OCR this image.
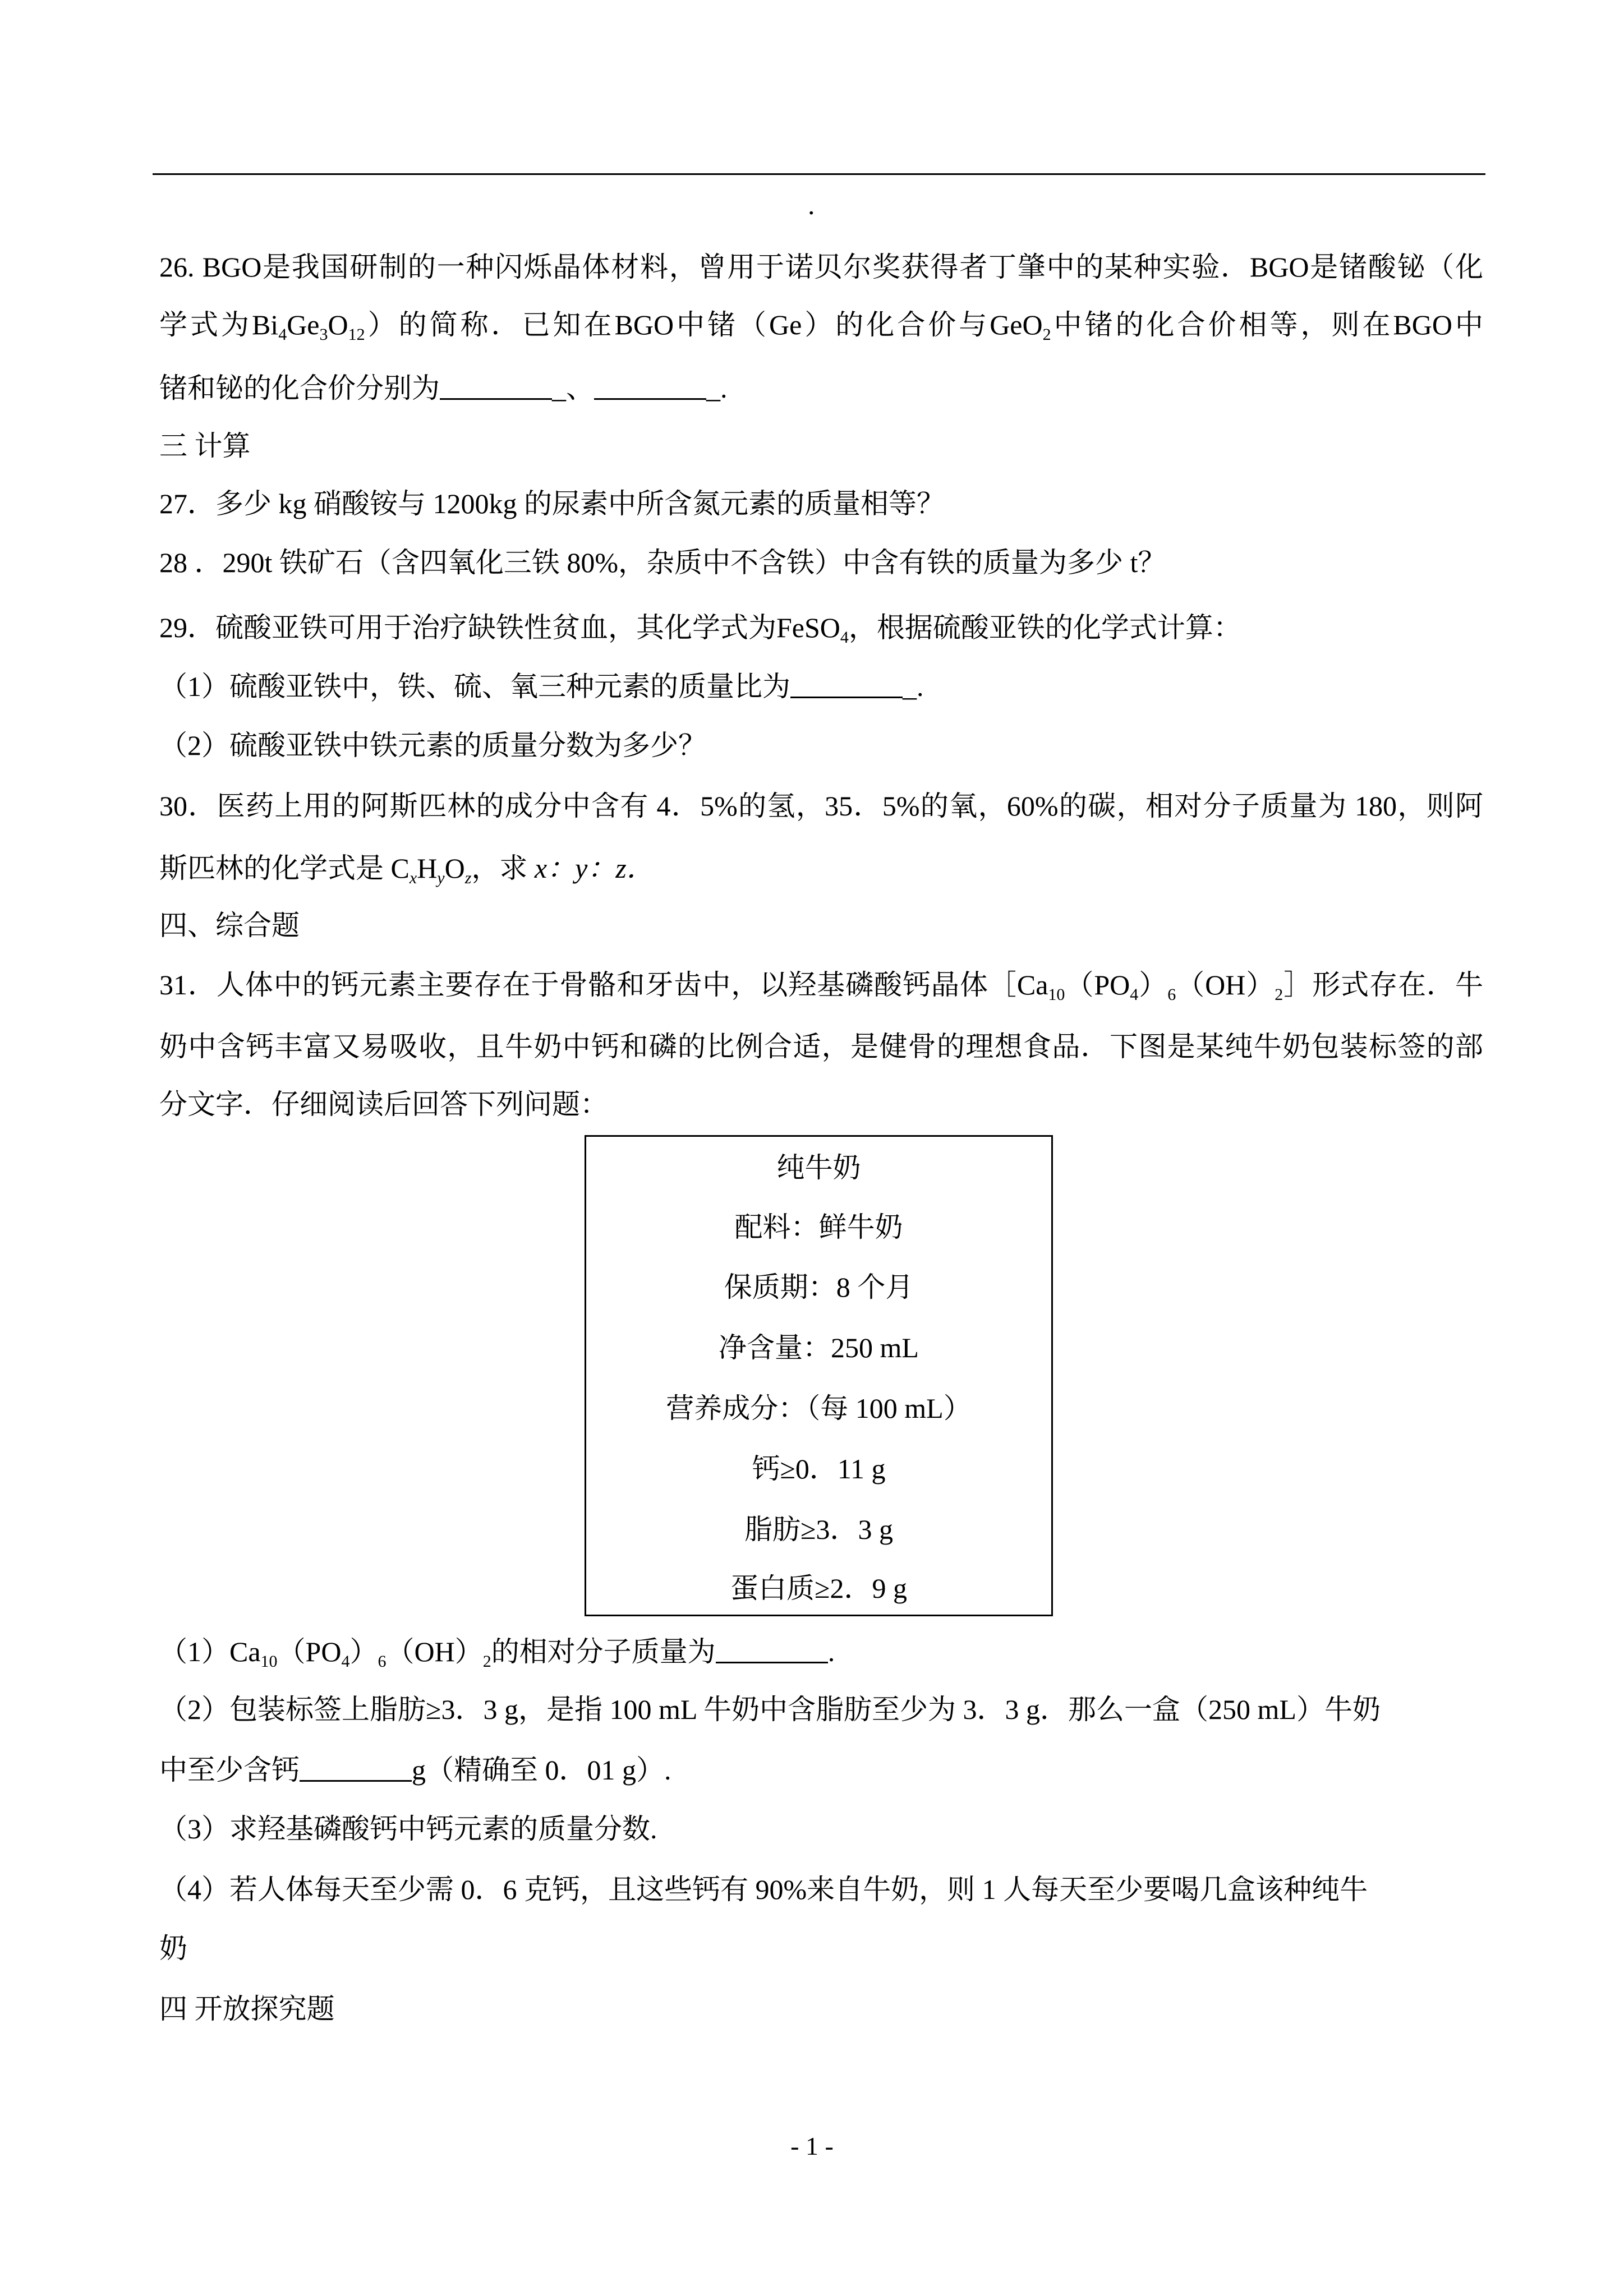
.
26. BGO是我国研制的一种闪烁晶体材料，曾用于诺贝尔奖获得者丁肇中的某种实验．BGO是锗酸铋（化
学式为$Bi_4Ge_3O_{12}$）的简称．已知在BGO中锗（Ge）的化合价与GeO$_2$中锗的化合价相等，则在BGO中
锗和铋的化合价分别为	_、	_.
三 计算
27．多少 kg 硝酸铵与 1200kg 的尿素中所含氮元素的质量相等？
28 ．290t 铁矿石（含四氧化三铁 80%，杂质中不含铁）中含有铁的质量为多少 t？
29．硫酸亚铁可用于治疗缺铁性贫血，其化学式为FeSO$_4$，根据硫酸亚铁的化学式计算：
（1）硫酸亚铁中，铁、硫、氧三种元素的质量比为	_.
（2）硫酸亚铁中铁元素的质量分数为多少？
30．医药上用的阿斯匹林的成分中含有 4．5%的氢，35．5%的氧，60%的碳，相对分子质量为 180，则阿
斯匹林的化学式是 $C_xH_yO_z$，求 x：y：z．
四、综合题
31．人体中的钙元素主要存在于骨骼和牙齿中，以羟基磷酸钙晶体$[Ca_{10}(PO_4)_6(OH)_2]$形式存在．牛
奶中含钙丰富又易吸收，且牛奶中钙和磷的比例合适，是健骨的理想食品．下图是某纯牛奶包装标签的部
分文字．仔细阅读后回答下列问题：
纯牛奶
配料：鲜牛奶
保质期：8 个月
净含量：250 mL
营养成分：（每 100 mL）
钙≥0．11 g
脂肪≥3．3 g
蛋白质≥2．9 g
$(1)Ca_{10}(PO_4)_6(OH)_2$的相对分子质量为	.
（2）包装标签上脂肪≥3．3 g，是指 100 mL 牛奶中含脂肪至少为 3．3 g．那么一盒（250 mL）牛奶
中至少含钙	g（精确至 0．01 g）.
（3）求羟基磷酸钙中钙元素的质量分数.
（4）若人体每天至少需 0．6 克钙，且这些钙有 90%来自牛奶，则 1 人每天至少要喝几盒该种纯牛
奶
四 开放探究题
- 1 -
